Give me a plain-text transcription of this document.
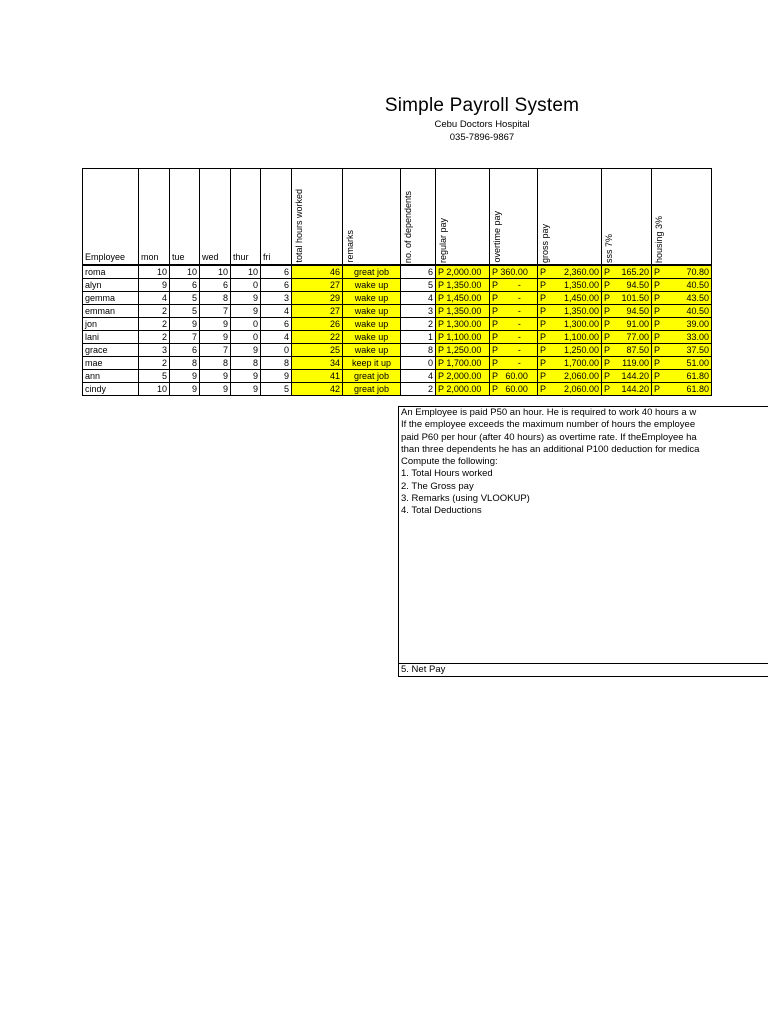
Simple Payroll System
Cebu Doctors Hospital
035-7896-9867
Employee	mon	tue	wed	thur	fri	total hours worked	remarks	no. of dependents	regular pay	overtime pay	gross pay	sss 7%	housing 3%

roma	10	10	10	10	6	46	great job	6	P 2,000.00	P 360.00	P 2,360.00	P 165.20	P 70.80

alyn	9	6	6	0	6	27	wake up	5	P 1,350.00	P        -	P 1,350.00	P 94.50	P 40.50

gemma	4	5	8	9	3	29	wake up	4	P 1,450.00	P        -	P 1,450.00	P 101.50	P 43.50

emman	2	5	7	9	4	27	wake up	3	P 1,350.00	P        -	P 1,350.00	P 94.50	P 40.50

jon	2	9	9	0	6	26	wake up	2	P 1,300.00	P        -	P 1,300.00	P 91.00	P 39.00

lani	2	7	9	0	4	22	wake up	1	P 1,100.00	P        -	P 1,100.00	P 77.00	P 33.00

grace	3	6	7	9	0	25	wake up	8	P 1,250.00	P        -	P 1,250.00	P 87.50	P 37.50

mae	2	8	8	8	8	34	keep it up	0	P 1,700.00	P        -	P 1,700.00	P 119.00	P 51.00

ann	5	9	9	9	9	41	great job	4	P 2,000.00	P   60.00	P 2,060.00	P 144.20	P 61.80

cindy	10	9	9	9	5	42	great job	2	P 2,000.00	P   60.00	P 2,060.00	P 144.20	P 61.80
An Employee is paid P50 an hour. He is required to work 40 hours a w
If the employee exceeds the maximum number of hours the employee
paid P60 per hour (after 40 hours) as overtime rate. If theEmployee ha
than three dependents he has an additional P100 deduction for medica
Compute the following:
1. Total Hours worked
2. The Gross pay
3. Remarks (using VLOOKUP)
4. Total Deductions
5. Net Pay
